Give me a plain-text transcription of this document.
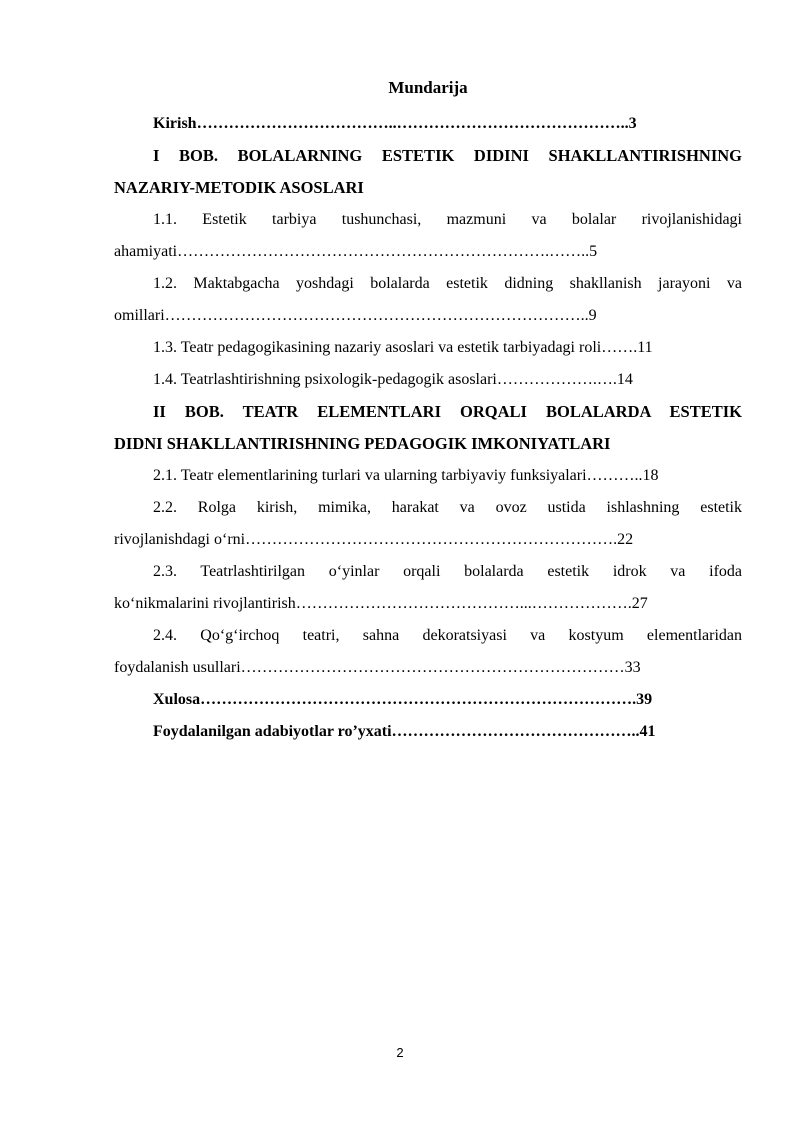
Mundarija
Kirish………………………………..……………………………………..3
I BOB. BOLALARNING ESTETIK DIDINI SHAKLLANTIRISHNING
NAZARIY-METODIK ASOSLARI
1.1. Estetik tarbiya tushunchasi, mazmuni va bolalar rivojlanishidagi
ahamiyati…………………………………………………………….……..5
1.2. Maktabgacha yoshdagi bolalarda estetik didning shakllanish jarayoni va
omillari……………………………………………………………………..9
1.3. Teatr pedagogikasining nazariy asoslari va estetik tarbiyadagi roli…….11
1.4. Teatrlashtirishning psixologik-pedagogik asoslari……………….….14
II BOB. TEATR ELEMENTLARI ORQALI BOLALARDA ESTETIK
DIDNI SHAKLLANTIRISHNING PEDAGOGIK IMKONIYATLARI
2.1. Teatr elementlarining turlari va ularning tarbiyaviy funksiyalari………..18
2.2. Rolga kirish, mimika, harakat va ovoz ustida ishlashning estetik
rivojlanishdagi o‘rni…………………………………………………………….22
2.3. Teatrlashtirilgan o‘yinlar orqali bolalarda estetik idrok va ifoda
ko‘nikmalarini rivojlantirish……………………………………...……………….27
2.4. Qo‘g‘irchoq teatri, sahna dekoratsiyasi va kostyum elementlaridan
foydalanish usullari………………………………………………………………33
Xulosa……………………………………………………………………….39
Foydalanilgan adabiyotlar ro’yxati………………………………………..41
2
